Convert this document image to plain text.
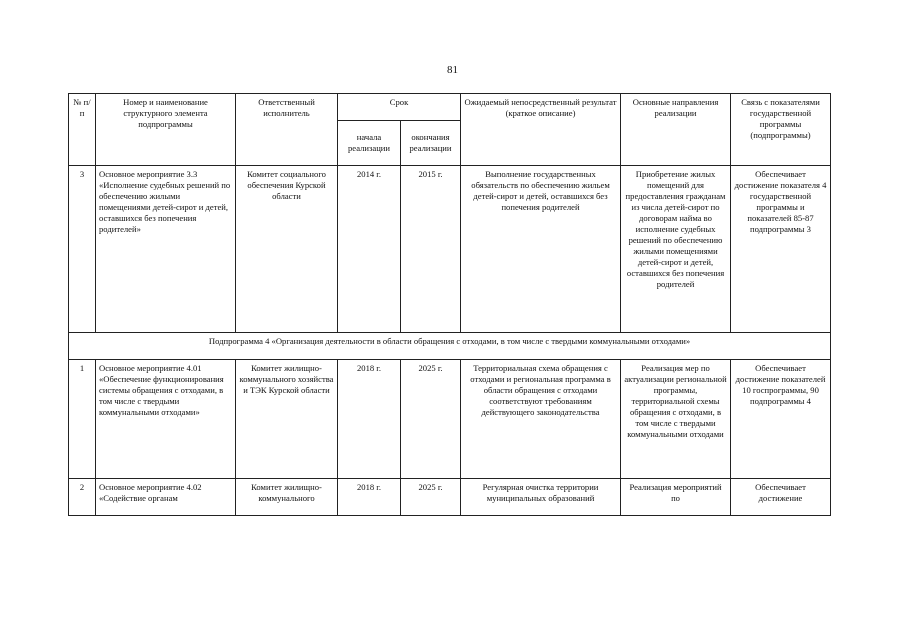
81
№ п/п	Номер и наименование структурного элемента подпрограммы	Ответственный исполнитель	Срок		Ожидаемый непосредственный результат (краткое описание)	Основные направления реализации	Связь с показателями государственной программы (подпрограммы)
			начала реализации	окончания реализации			
3	Основное мероприятие 3.3 «Исполнение судебных решений по обеспечению жилыми помещениями детей-сирот и детей, оставшихся без попечения родителей»	Комитет социального обеспечения Курской области	2014 г.	2015 г.	Выполнение государственных обязательств по обеспечению жильем детей-сирот и детей, оставшихся без попечения родителей	Приобретение жилых помещений для предоставления гражданам из числа детей-сирот по договорам найма во исполнение судебных решений по обеспечению жилыми помещениями детей-сирот и детей, оставшихся без попечения родителей	Обеспечивает достижение показателя 4 государственной программы и показателей 85-87 подпрограммы 3
Подпрограмма 4 «Организация деятельности в области обращения с отходами, в том числе с твердыми коммунальными отходами»							
1	Основное мероприятие 4.01 «Обеспечение функционирования системы обращения с отходами, в том числе с твердыми коммунальными отходами»	Комитет жилищно-коммунального хозяйства и ТЭК Курской области	2018 г.	2025 г.	Территориальная схема обращения с отходами и региональная программа в области обращения с отходами соответствуют требованиям действующего законодательства	Реализация мер по актуализации региональной программы, территориальной схемы обращения с отходами, в том числе с твердыми коммунальными отходами	Обеспечивает достижение показателей 10 госпрограммы, 90 подпрограммы 4
2	Основное мероприятие 4.02 «Содействие органам	Комитет жилищно-коммунального	2018 г.	2025 г.	Регулярная очистка территории муниципальных образований	Реализация мероприятий по	Обеспечивает достижение
